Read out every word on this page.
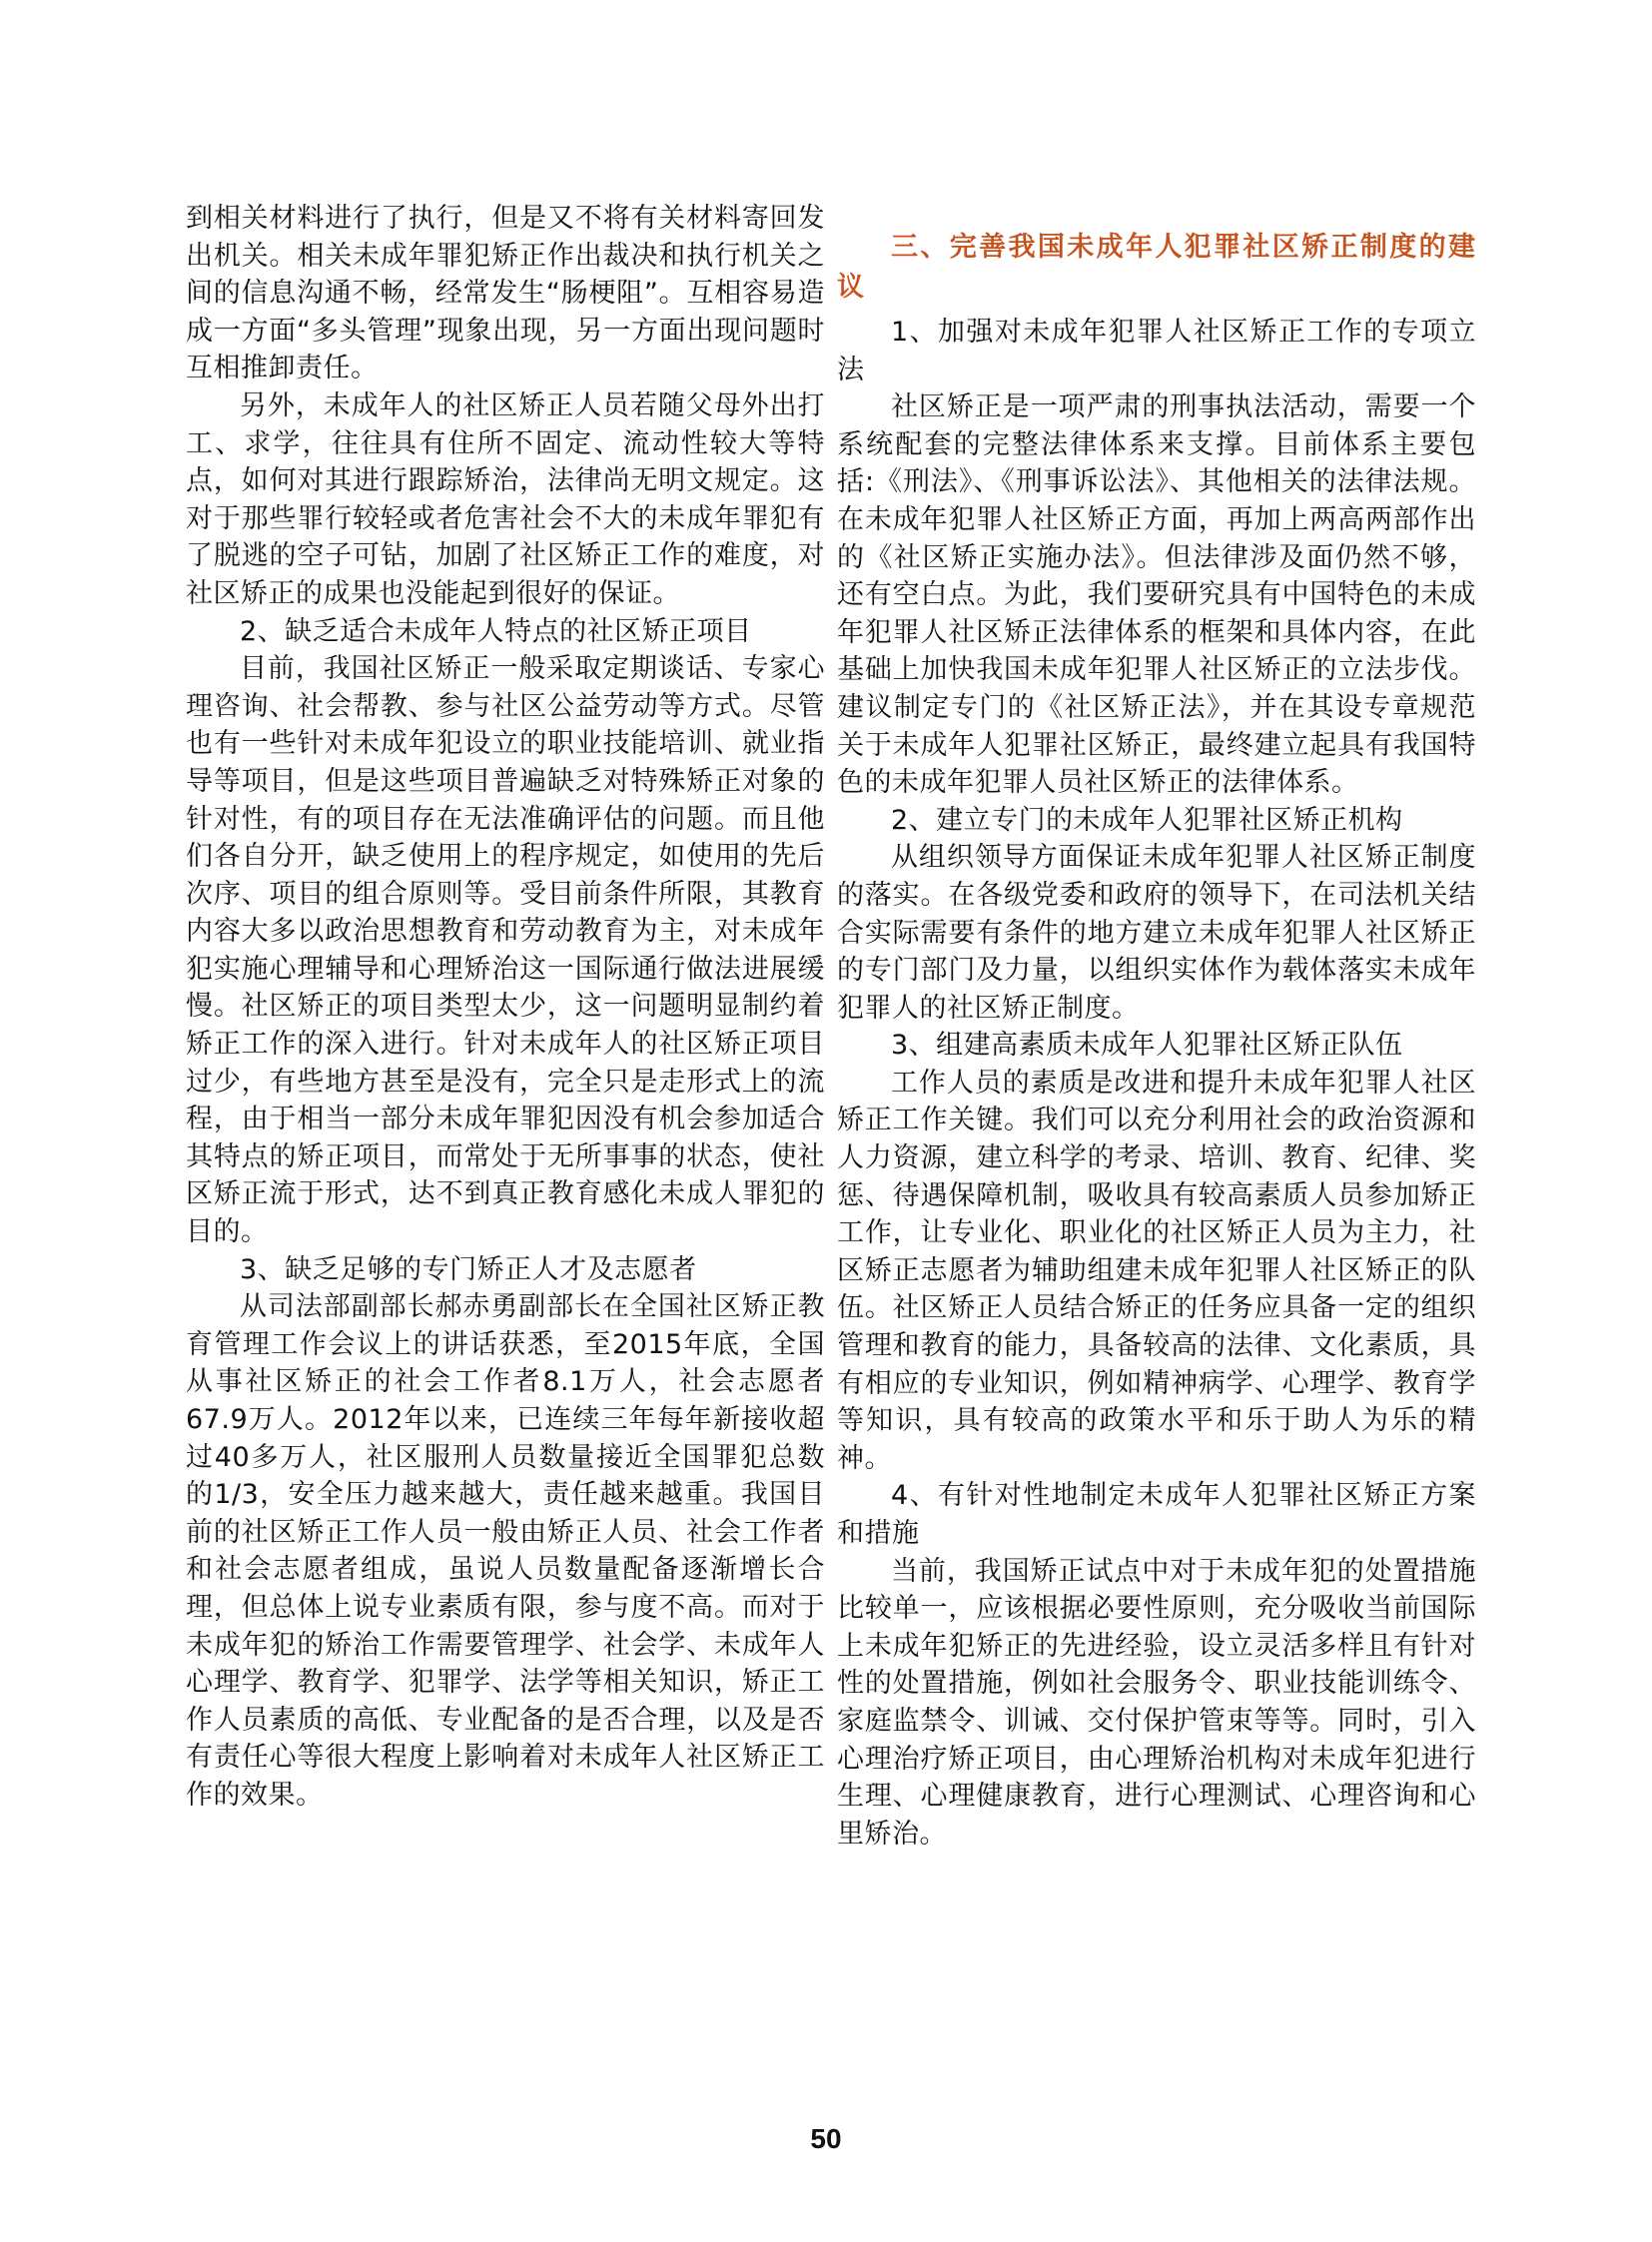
到相关材料进行了执行，但是又不将有关材料寄回发出机关。相关未成年罪犯矫正作出裁决和执行机关之间的信息沟通不畅，经常发生“肠梗阻”。互相容易造成一方面“多头管理”现象出现，另一方面出现问题时互相推卸责任。

另外，未成年人的社区矫正人员若随父母外出打工、求学，往往具有住所不固定、流动性较大等特点，如何对其进行跟踪矫治，法律尚无明文规定。这对于那些罪行较轻或者危害社会不大的未成年罪犯有了脱逃的空子可钻，加剧了社区矫正工作的难度，对社区矫正的成果也没能起到很好的保证。

2、缺乏适合未成年人特点的社区矫正项目

目前，我国社区矫正一般采取定期谈话、专家心理咨询、社会帮教、参与社区公益劳动等方式。尽管也有一些针对未成年犯设立的职业技能培训、就业指导等项目，但是这些项目普遍缺乏对特殊矫正对象的针对性，有的项目存在无法准确评估的问题。而且他们各自分开，缺乏使用上的程序规定，如使用的先后次序、项目的组合原则等。受目前条件所限，其教育内容大多以政治思想教育和劳动教育为主，对未成年犯实施心理辅导和心理矫治这一国际通行做法进展缓慢。社区矫正的项目类型太少，这一问题明显制约着矫正工作的深入进行。针对未成年人的社区矫正项目过少，有些地方甚至是没有，完全只是走形式上的流程，由于相当一部分未成年罪犯因没有机会参加适合其特点的矫正项目，而常处于无所事事的状态，使社区矫正流于形式，达不到真正教育感化未成人罪犯的目的。

3、缺乏足够的专门矫正人才及志愿者

从司法部副部长郝赤勇副部长在全国社区矫正教育管理工作会议上的讲话获悉，至2015年底，全国从事社区矫正的社会工作者8.1万人，社会志愿者67.9万人。2012年以来，已连续三年每年新接收超过40多万人，社区服刑人员数量接近全国罪犯总数的1/3，安全压力越来越大，责任越来越重。我国目前的社区矫正工作人员一般由矫正人员、社会工作者和社会志愿者组成，虽说人员数量配备逐渐增长合理，但总体上说专业素质有限，参与度不高。而对于未成年犯的矫治工作需要管理学、社会学、未成年人心理学、教育学、犯罪学、法学等相关知识，矫正工作人员素质的高低、专业配备的是否合理，以及是否有责任心等很大程度上影响着对未成年人社区矫正工作的效果。

三、完善我国未成年人犯罪社区矫正制度的建议
1、加强对未成年犯罪人社区矫正工作的专项立法

社区矫正是一项严肃的刑事执法活动，需要一个系统配套的完整法律体系来支撑。目前体系主要包括:《刑法》、《刑事诉讼法》、其他相关的法律法规。在未成年犯罪人社区矫正方面，再加上两高两部作出的《社区矫正实施办法》。但法律涉及面仍然不够，还有空白点。为此，我们要研究具有中国特色的未成年犯罪人社区矫正法律体系的框架和具体内容，在此基础上加快我国未成年犯罪人社区矫正的立法步伐。建议制定专门的《社区矫正法》，并在其设专章规范关于未成年人犯罪社区矫正，最终建立起具有我国特色的未成年犯罪人员社区矫正的法律体系。

2、建立专门的未成年人犯罪社区矫正机构

从组织领导方面保证未成年犯罪人社区矫正制度的落实。在各级党委和政府的领导下，在司法机关结合实际需要有条件的地方建立未成年犯罪人社区矫正的专门部门及力量，以组织实体作为载体落实未成年犯罪人的社区矫正制度。

3、组建高素质未成年人犯罪社区矫正队伍

工作人员的素质是改进和提升未成年犯罪人社区矫正工作关键。我们可以充分利用社会的政治资源和人力资源，建立科学的考录、培训、教育、纪律、奖惩、待遇保障机制，吸收具有较高素质人员参加矫正工作，让专业化、职业化的社区矫正人员为主力，社区矫正志愿者为辅助组建未成年犯罪人社区矫正的队伍。社区矫正人员结合矫正的任务应具备一定的组织管理和教育的能力，具备较高的法律、文化素质，具有相应的专业知识，例如精神病学、心理学、教育学等知识，具有较高的政策水平和乐于助人为乐的精神。

4、有针对性地制定未成年人犯罪社区矫正方案和措施

当前，我国矫正试点中对于未成年犯的处置措施比较单一，应该根据必要性原则，充分吸收当前国际上未成年犯矫正的先进经验，设立灵活多样且有针对性的处置措施，例如社会服务令、职业技能训练令、家庭监禁令、训诫、交付保护管束等等。同时，引入心理治疗矫正项目，由心理矫治机构对未成年犯进行生理、心理健康教育，进行心理测试、心理咨询和心里矫治。

50
